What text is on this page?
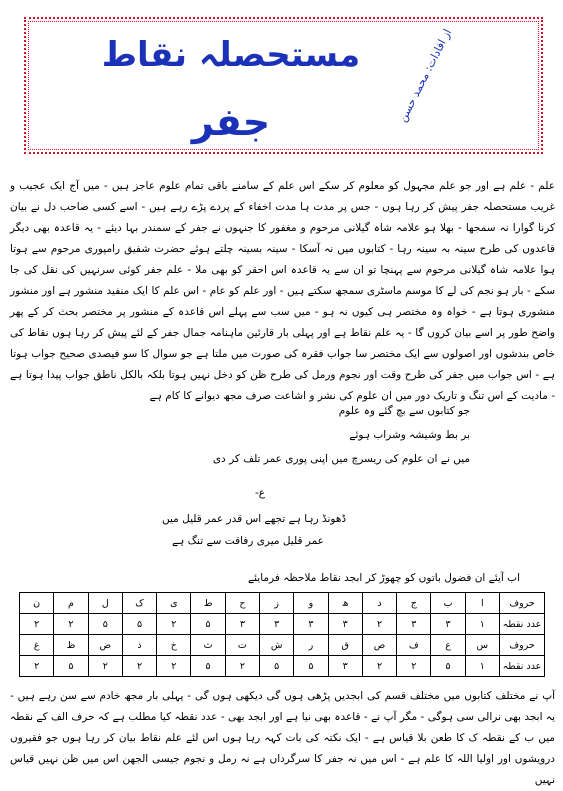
مستحصلہ نقاط
جفر	از افادات: محمد حسن

علم - علم ہے اور جو علم مجہول کو معلوم کر سکے اس علم کے سامنے باقی تمام علوم عاجز ہیں - میں آج ایک عجیب و غریب مستحصلہ جفر پیش کر رہا ہوں - جس پر مدت ہا مدت اخفاء کے پردے پڑے رہے ہیں - اسے کسی صاحب دل نے بیان کرنا گوارا نہ سمجھا - بھلا ہو علامہ شاہ گیلانی مرحوم و مغفور کا جنہوں نے جفر کے سمندر بہا دیئے - یہ قاعدہ بھی دیگر قاعدوں کی طرح سینہ بہ سینہ رہا - کتابوں میں نہ آسکا - سینہ بسینہ چلتے ہوئے حضرت شفیق رامپوری مرحوم سے ہوتا ہوا علامہ شاہ گیلانی مرحوم سے پہنچا تو ان سے یہ قاعدہ اس احقر کو بھی ملا - علم جفر کوئی سرنہیں کی نقل کی جا سکے - بار ہو نجم کی لے کا موسم ماسٹری سمجھ سکتے ہیں - اور علم کو عام - اس علم کا ایک منفید منشور ہے اور منشور منشوری ہوتا ہے - خواہ وہ مختصر ہی کیوں نہ ہو - میں سب سے پہلے اس قاعدہ کے منشور پر مختصر بحث کر کے پھر واضح طور پر اسے بیان کروں گا - یہ علم نقاط ہے اور پہلی بار قارئین ماہنامہ جمال جفر کے لئے پیش کر رہا ہوں نقاط کی خاص بندشوں اور اصولوں سے ایک مختصر سا جواب فقرہ کی صورت میں ملتا ہے جو سوال کا سو فیصدی صحیح جواب ہوتا ہے - اس جواب میں جفر کی طرح وقت اور نجوم ورمل کی طرح ظن کو دخل نہیں ہوتا بلکہ بالکل ناطق جواب پیدا ہوتا ہے - مادیت کے اس تنگ و تاریک دور میں ان علوم کی نشر و اشاعت صرف مجھ دیوانے کا کام ہے

جو کتابوں سے بچ گئے وہ علوم
بر بط وشیشہ وشراب ہوئے
میں نے ان علوم کی ریسرچ میں اپنی پوری عمر تلف کر دی
ع-
ڈھونڈ رہا ہے تجھے اس قدر عمر قلیل میں
عمر قلیل میری رفاقت سے تنگ ہے
اب آیئے ان فضول باتوں کو چھوڑ کر ابجد نقاط ملاحظہ فرمایئے
حروف	ا	ب	ج	د	ھ	و	ز	ح	ط	ی	ک	ل	م	ن
عدد نقطہ	۱	۳	۳	۲	۳	۳	۳	۳	۵	۲	۵	۵	۲	۲
حروف	س	ع	ف	ص	ق	ر	ش	ت	ث	خ	ذ	ض	ظ	غ
عدد نقطہ	۱	۵	۲	۲	۳	۵	۵	۲	۵	۲	۲	۲	۵	۲
آپ نے مختلف کتابوں میں مختلف قسم کی ابجدیں پڑھی ہوں گی دیکھی ہوں گی - پہلی بار مجھ خادم سے سن رہے ہیں - یہ ابجد بھی نرالی سی ہوگی - مگر آپ نے - قاعدہ بھی نیا ہے اور ابجد بھی - عدد نقطہ کیا مطلب ہے کہ حرف الف کے نقطہ میں ب کے نقطہ ک کا طعن بلا قیاس ہے - ایک نکتہ کی بات کہہ رہا ہوں اس لئے علم نقاط بیان کر رہا ہوں جو فقیروں درویشوں اور اولیا اللہ کا علم ہے - اس میں نہ جفر کا سرگرداں ہے نہ رمل و نجوم جیسی الجھن اس میں ظن نہیں قیاس نہیں
